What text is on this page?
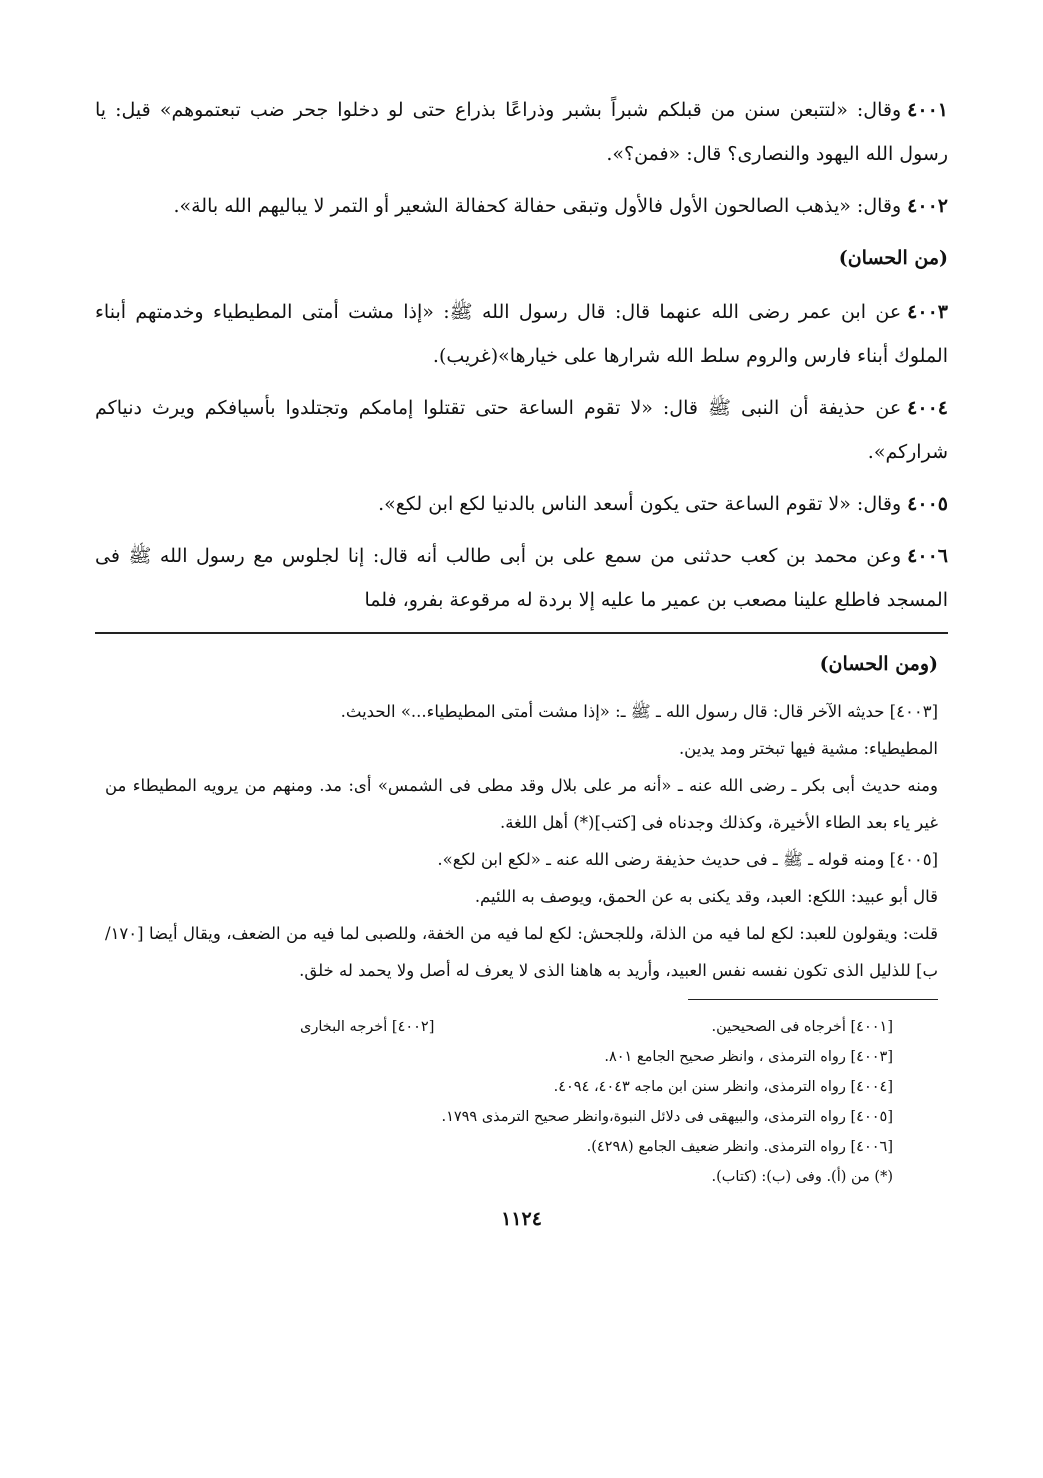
٤٠٠١وقال: «لتتبعن سنن من قبلكم شبراً بشبر وذراعًا بذراع حتى لو دخلوا جحر ضب تبعتموهم» قيل: يا رسول الله اليهود والنصارى؟ قال: «فمن؟».

٤٠٠٢وقال: «يذهب الصالحون الأول فالأول وتبقى حفالة كحفالة الشعير أو التمر لا يباليهم الله بالة».

(من الحسان)

٤٠٠٣عن ابن عمر رضى الله عنهما قال: قال رسول الله ﷺ: «إذا مشت أمتى المطيطياء وخدمتهم أبناء الملوك أبناء فارس والروم سلط الله شرارها على خيارها»(غريب).

٤٠٠٤عن حذيفة أن النبى ﷺ قال: «لا تقوم الساعة حتى تقتلوا إمامكم وتجتلدوا بأسيافكم ويرث دنياكم شراركم».

٤٠٠٥وقال: «لا تقوم الساعة حتى يكون أسعد الناس بالدنيا لكع ابن لكع».

٤٠٠٦وعن محمد بن كعب حدثنى من سمع على بن أبى طالب أنه قال: إنا لجلوس مع رسول الله ﷺ فى المسجد فاطلع علينا مصعب بن عمير ما عليه إلا بردة له مرقوعة بفرو، فلما

(ومن الحسان)

[٤٠٠٣] حديثه الآخر قال: قال رسول الله ـ ﷺ ـ: «إذا مشت أمتى المطيطياء...» الحديث.

المطيطياء: مشية فيها تبختر ومد يدين.

ومنه حديث أبى بكر ـ رضى الله عنه ـ «أنه مر على بلال وقد مطى فى الشمس» أى: مد. ومنهم من يرويه المطيطاء من غير ياء بعد الطاء الأخيرة، وكذلك وجدناه فى [كتب](*) أهل اللغة.

[٤٠٠٥] ومنه قوله ـ ﷺ ـ فى حديث حذيفة رضى الله عنه ـ «لكع ابن لكع».

قال أبو عبيد: اللكع: العبد، وقد يكنى به عن الحمق، ويوصف به اللئيم.

قلت: ويقولون للعبد: لكع لما فيه من الذلة، وللجحش: لكع لما فيه من الخفة، وللصبى لما فيه من الضعف، ويقال أيضا [١٧٠/ب] للذليل الذى تكون نفسه نفس العبيد، وأريد به هاهنا الذى لا يعرف له أصل ولا يحمد له خلق.

[٤٠٠١] أخرجاه فى الصحيحين.
[٤٠٠٢] أخرجه البخارى
[٤٠٠٣] رواه الترمذى ، وانظر صحيح الجامع ٨٠١.
[٤٠٠٤] رواه الترمذى، وانظر سنن ابن ماجه ٤٠٤٣، ٤٠٩٤.
[٤٠٠٥] رواه الترمذى، والبيهقى فى دلائل النبوة،وانظر صحيح الترمذى ١٧٩٩.
[٤٠٠٦] رواه الترمذى. وانظر ضعيف الجامع (٤٢٩٨).
(*) من (أ). وفى (ب): (كتاب).
١١٢٤
